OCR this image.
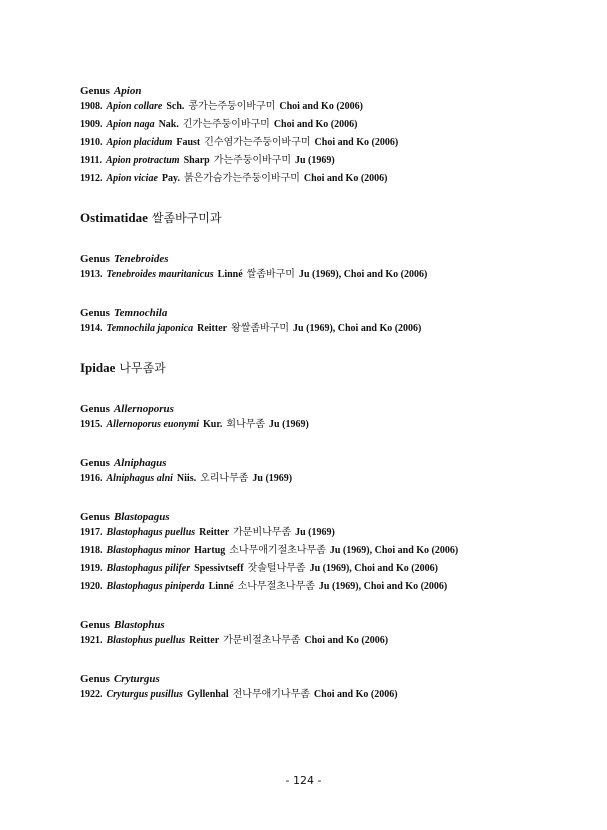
Genus Apion
1908. Apion collare Sch. 콩가는주둥이바구미 Choi and Ko (2006)
1909. Apion naga Nak. 긴가는주둥이바구미 Choi and Ko (2006)
1910. Apion placidum Faust 긴수염가는주둥이바구미 Choi and Ko (2006)
1911. Apion protractum Sharp 가는주둥이바구미 Ju (1969)
1912. Apion viciae Pay. 붉은가슴가는주둥이바구미 Choi and Ko (2006)
Ostimatidae 쌀좀바구미과
Genus Tenebroides
1913. Tenebroides mauritanicus Linné 쌀좀바구미 Ju (1969), Choi and Ko (2006)
Genus Temnochila
1914. Temnochila japonica Reitter 왕쌀좀바구미 Ju (1969), Choi and Ko (2006)
Ipidae 나무좀과
Genus Allernoporus
1915. Allernoporus euonymi Kur. 회나무좀 Ju (1969)
Genus Alniphagus
1916. Alniphagus alni Niis. 오리나무좀 Ju (1969)
Genus Blastopagus
1917. Blastophagus puellus Reitter 가문비나무좀 Ju (1969)
1918. Blastophagus minor Hartug 소나무애기절초나무좀 Ju (1969), Choi and Ko (2006)
1919. Blastophagus pilifer Spessivtseff 잣솔털나무좀 Ju (1969), Choi and Ko (2006)
1920. Blastophagus piniperda Linné 소나무절초나무좀 Ju (1969), Choi and Ko (2006)
Genus Blastophus
1921. Blastophus puellus Reitter 가문비절초나무좀 Choi and Ko (2006)
Genus Cryturgus
1922. Cryturgus pusillus Gyllenhal 전나무애기나무좀 Choi and Ko (2006)
- 124 -
